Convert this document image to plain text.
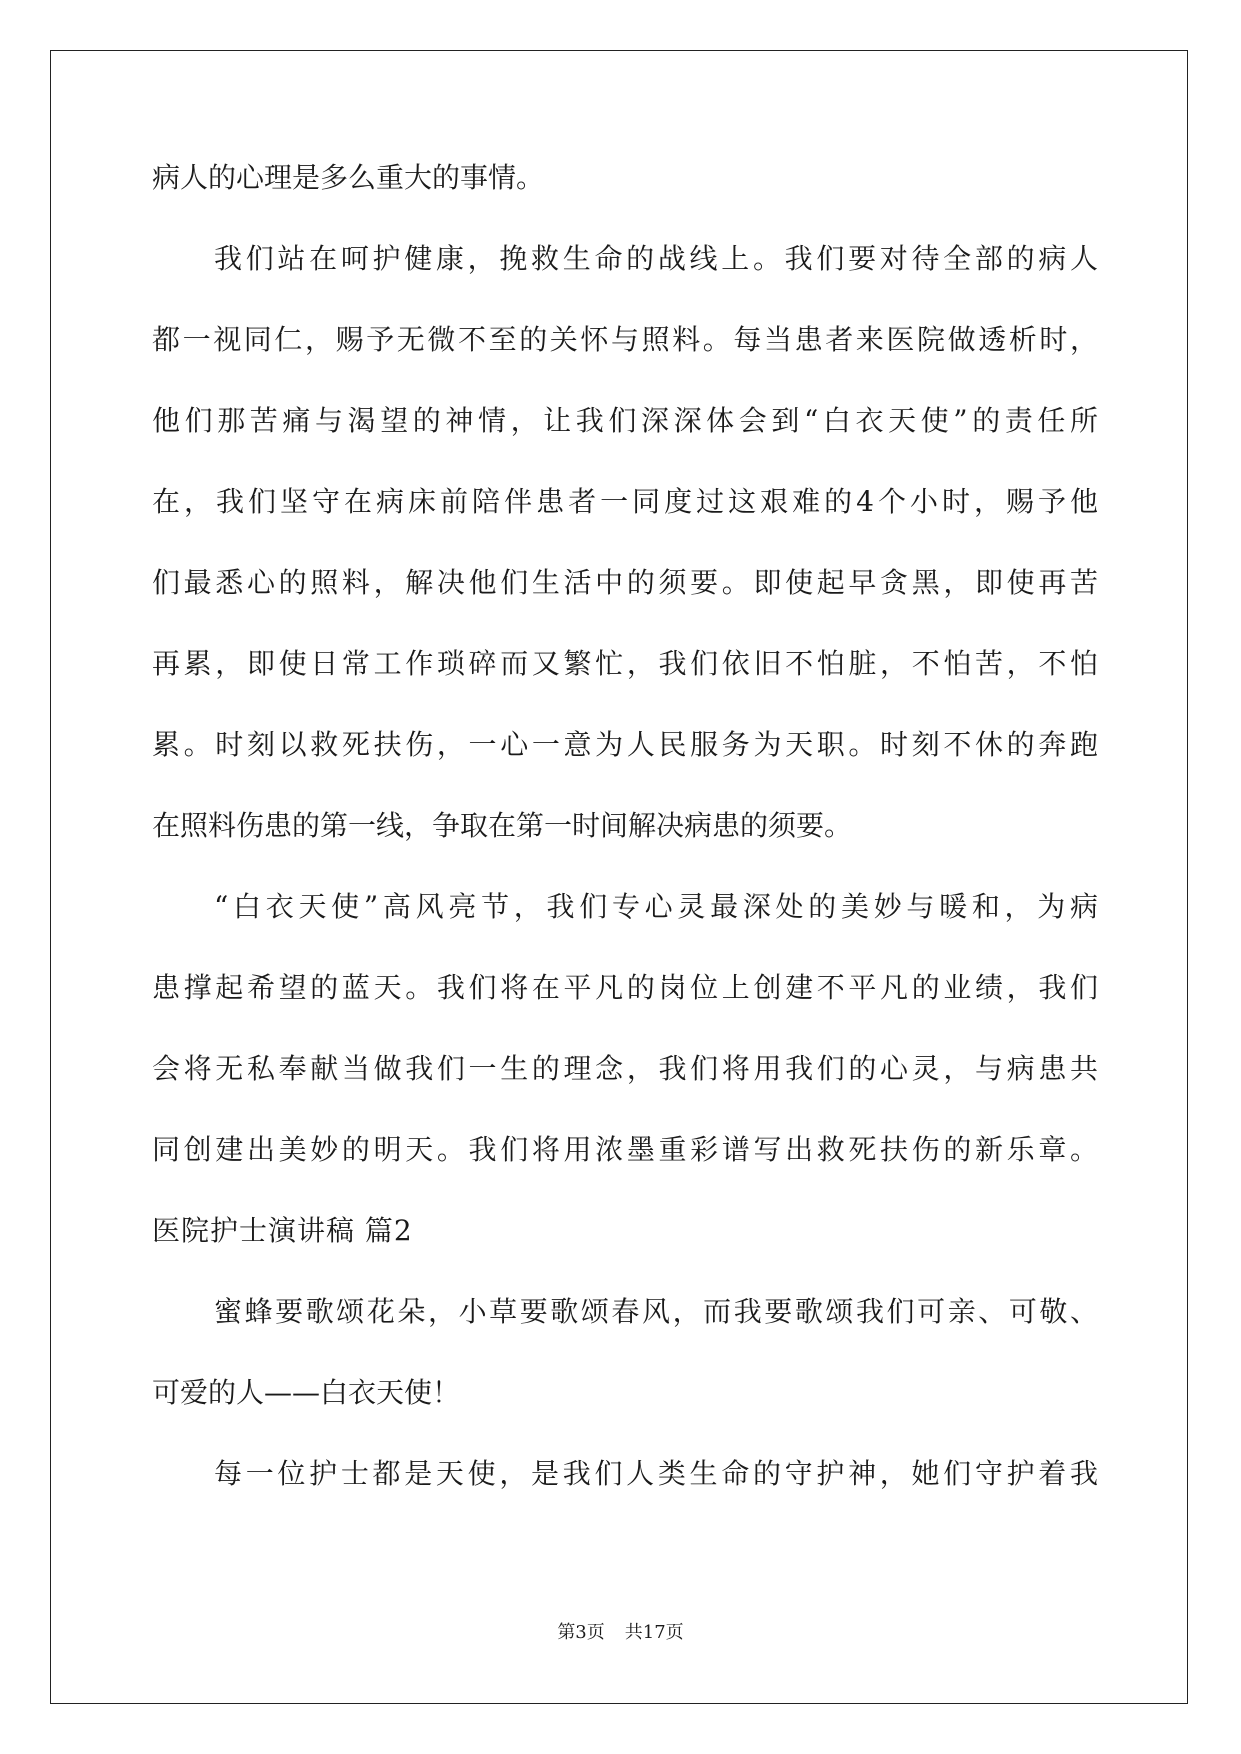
病人的心理是多么重大的事情。
我们站在呵护健康，挽救生命的战线上。我们要对待全部的病人
都一视同仁，赐予无微不至的关怀与照料。每当患者来医院做透析时，
他们那苦痛与渴望的神情，让我们深深体会到“白衣天使”的责任所
在，我们坚守在病床前陪伴患者一同度过这艰难的4个小时，赐予他
们最悉心的照料，解决他们生活中的须要。即使起早贪黑，即使再苦
再累，即使日常工作琐碎而又繁忙，我们依旧不怕脏，不怕苦，不怕
累。时刻以救死扶伤，一心一意为人民服务为天职。时刻不休的奔跑
在照料伤患的第一线，争取在第一时间解决病患的须要。
“白衣天使”高风亮节，我们专心灵最深处的美妙与暖和，为病
患撑起希望的蓝天。我们将在平凡的岗位上创建不平凡的业绩，我们
会将无私奉献当做我们一生的理念，我们将用我们的心灵，与病患共
同创建出美妙的明天。我们将用浓墨重彩谱写出救死扶伤的新乐章。
医院护士演讲稿 篇2
蜜蜂要歌颂花朵，小草要歌颂春风，而我要歌颂我们可亲、可敬、
可爱的人——白衣天使！
每一位护士都是天使，是我们人类生命的守护神，她们守护着我
第3页 共17页
